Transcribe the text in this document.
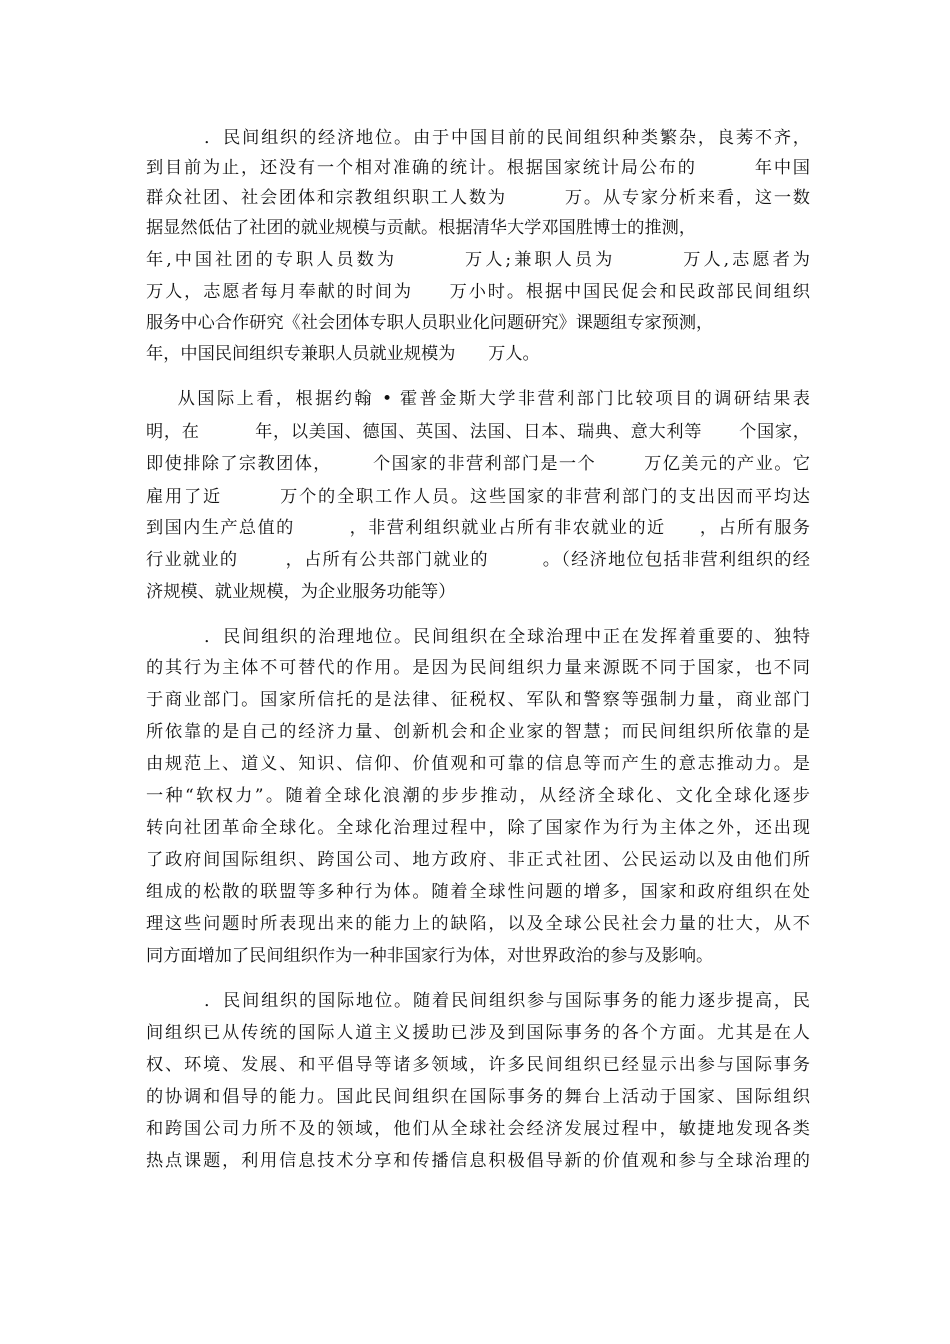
．民间组织的经济地位。由于中国目前的民间组织种类繁杂，良莠不齐，
到目前为止，还没有一个相对准确的统计。根据国家统计局公布的        年中国
群众社团、社会团体和宗教组织职工人数为        万。从专家分析来看，这一数
据显然低估了社团的就业规模与贡献。根据清华大学邓国胜博士的推测，
年,中国社团的专职人员数为        万人;兼职人员为        万人,志愿者为
万人，志愿者每月奉献的时间为     万小时。根据中国民促会和民政部民间组织
服务中心合作研究《社会团体专职人员职业化问题研究》课题组专家预测，
年，中国民间组织专兼职人员就业规模为      万人。
从国际上看，根据约翰 • 霍普金斯大学非营利部门比较项目的调研结果表
明，在         年，以美国、德国、英国、法国、日本、瑞典、意大利等      个国家，
即使排除了宗教团体，      个国家的非营利部门是一个       万亿美元的产业。它
雇用了近        万个的全职工作人员。这些国家的非营利部门的支出因而平均达
到国内生产总值的        ，非营利组织就业占所有非农就业的近     ，占所有服务
行业就业的       ，占所有公共部门就业的        。（经济地位包括非营利组织的经
济规模、就业规模，为企业服务功能等）
．民间组织的治理地位。民间组织在全球治理中正在发挥着重要的、独特
的其行为主体不可替代的作用。是因为民间组织力量来源既不同于国家，也不同
于商业部门。国家所信托的是法律、征税权、军队和警察等强制力量，商业部门
所依靠的是自己的经济力量、创新机会和企业家的智慧；而民间组织所依靠的是
由规范上、道义、知识、信仰、价值观和可靠的信息等而产生的意志推动力。是
一种“软权力”。随着全球化浪潮的步步推动，从经济全球化、文化全球化逐步
转向社团革命全球化。全球化治理过程中，除了国家作为行为主体之外，还出现
了政府间国际组织、跨国公司、地方政府、非正式社团、公民运动以及由他们所
组成的松散的联盟等多种行为体。随着全球性问题的增多，国家和政府组织在处
理这些问题时所表现出来的能力上的缺陷，以及全球公民社会力量的壮大，从不
同方面增加了民间组织作为一种非国家行为体，对世界政治的参与及影响。
．民间组织的国际地位。随着民间组织参与国际事务的能力逐步提高，民
间组织已从传统的国际人道主义援助已涉及到国际事务的各个方面。尤其是在人
权、环境、发展、和平倡导等诸多领域，许多民间组织已经显示出参与国际事务
的协调和倡导的能力。国此民间组织在国际事务的舞台上活动于国家、国际组织
和跨国公司力所不及的领域，他们从全球社会经济发展过程中，敏捷地发现各类
热点课题，利用信息技术分享和传播信息积极倡导新的价值观和参与全球治理的
